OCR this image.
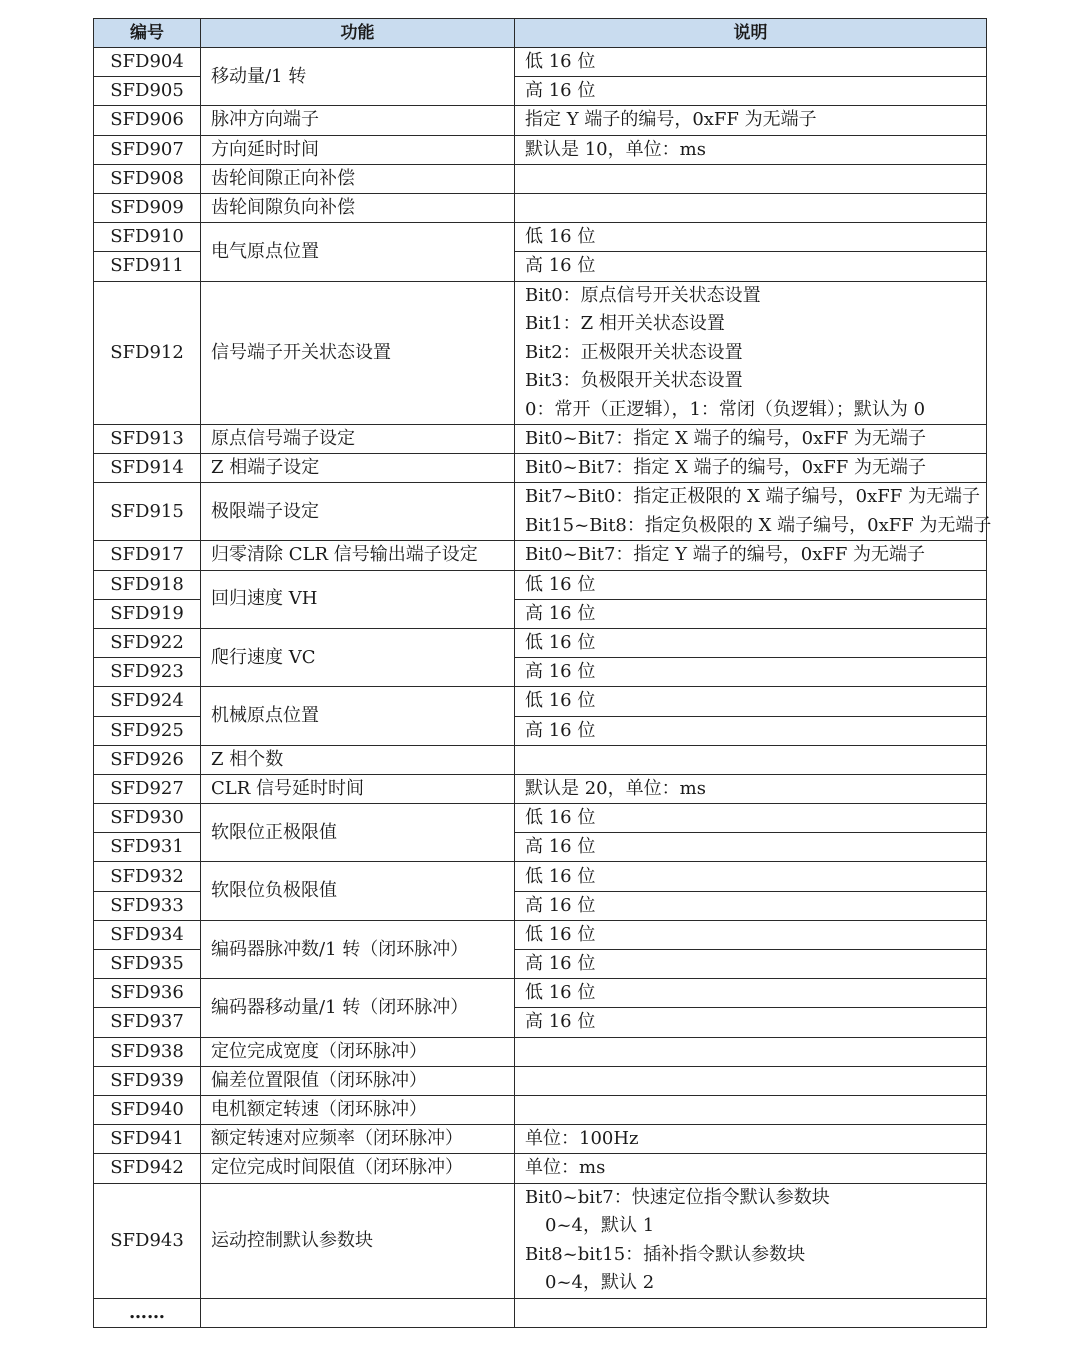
编号	功能	说明
SFD904	移动量/1 转	低 16 位
SFD905		高 16 位
SFD906	脉冲方向端子	指定 Y 端子的编号，0xFF 为无端子
SFD907	方向延时时间	默认是 10，单位：ms
SFD908	齿轮间隙正向补偿	
SFD909	齿轮间隙负向补偿	
SFD910	电气原点位置	低 16 位
SFD911		高 16 位
SFD912	信号端子开关状态设置	Bit0：原点信号开关状态设置
Bit1：Z 相开关状态设置
Bit2：正极限开关状态设置
Bit3：负极限开关状态设置
0：常开（正逻辑），1：常闭（负逻辑）；默认为 0

SFD913	原点信号端子设定	Bit0~Bit7：指定 X 端子的编号，0xFF 为无端子
SFD914	Z 相端子设定	Bit0~Bit7：指定 X 端子的编号，0xFF 为无端子
SFD915	极限端子设定	Bit7~Bit0：指定正极限的 X 端子编号，0xFF 为无端子
Bit15~Bit8：指定负极限的 X 端子编号，0xFF 为无端子

SFD917	归零清除 CLR 信号输出端子设定	Bit0~Bit7：指定 Y 端子的编号，0xFF 为无端子
SFD918	回归速度 VH	低 16 位
SFD919		高 16 位
SFD922	爬行速度 VC	低 16 位
SFD923		高 16 位
SFD924	机械原点位置	低 16 位
SFD925		高 16 位
SFD926	Z 相个数	
SFD927	CLR 信号延时时间	默认是 20，单位：ms
SFD930	软限位正极限值	低 16 位
SFD931		高 16 位
SFD932	软限位负极限值	低 16 位
SFD933		高 16 位
SFD934	编码器脉冲数/1 转（闭环脉冲）	低 16 位
SFD935		高 16 位
SFD936	编码器移动量/1 转（闭环脉冲）	低 16 位
SFD937		高 16 位
SFD938	定位完成宽度（闭环脉冲）	
SFD939	偏差位置限值（闭环脉冲）	
SFD940	电机额定转速（闭环脉冲）	
SFD941	额定转速对应频率（闭环脉冲）	单位：100Hz
SFD942	定位完成时间限值（闭环脉冲）	单位：ms
SFD943	运动控制默认参数块	Bit0~bit7：快速定位指令默认参数块
0~4，默认 1
Bit8~bit15：插补指令默认参数块
0~4，默认 2

……		
